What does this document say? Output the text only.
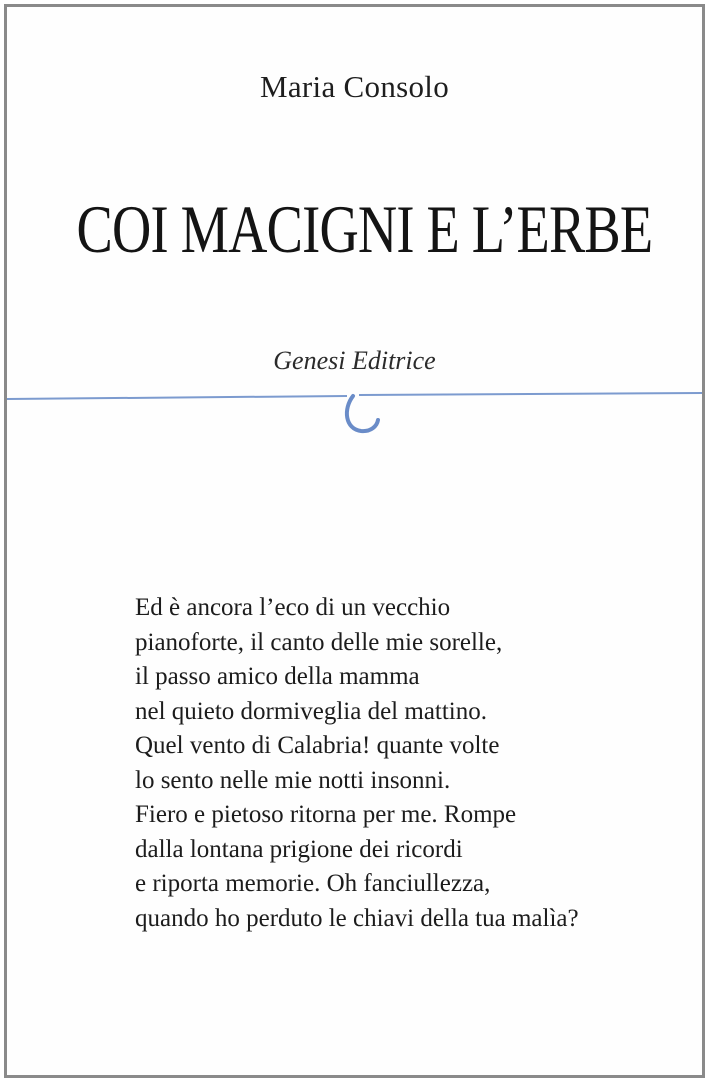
Maria Consolo
COI MACIGNI E L’ERBE
Genesi Editrice
Ed è ancora l’eco di un vecchio
pianoforte, il canto delle mie sorelle,
il passo amico della mamma
nel quieto dormiveglia del mattino.
Quel vento di Calabria! quante volte
lo sento nelle mie notti insonni.
Fiero e pietoso ritorna per me. Rompe
dalla lontana prigione dei ricordi
e riporta memorie. Oh fanciullezza,
quando ho perduto le chiavi della tua malìa?
